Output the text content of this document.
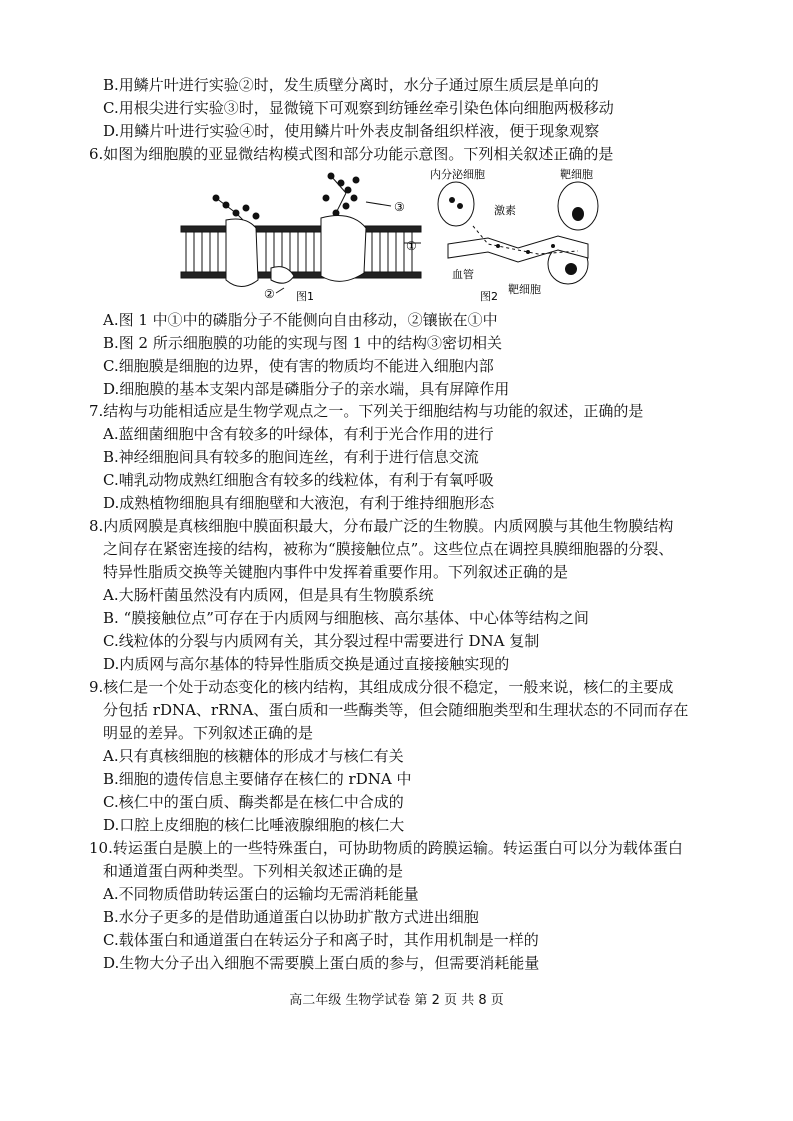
B.用鳞片叶进行实验②时，发生质壁分离时，水分子通过原生质层是单向的
C.用根尖进行实验③时，显微镜下可观察到纺锤丝牵引染色体向细胞两极移动
D.用鳞片叶进行实验④时，使用鳞片叶外表皮制备组织样液，便于现象观察
6.如图为细胞膜的亚显微结构模式图和部分功能示意图。下列相关叙述正确的是
③
①
② 图1
内分泌细胞
激素
靶细胞
血管
靶细胞
图2
A.图 1 中①中的磷脂分子不能侧向自由移动，②镶嵌在①中
B.图 2 所示细胞膜的功能的实现与图 1 中的结构③密切相关
C.细胞膜是细胞的边界，使有害的物质均不能进入细胞内部
D.细胞膜的基本支架内部是磷脂分子的亲水端，具有屏障作用
7.结构与功能相适应是生物学观点之一。下列关于细胞结构与功能的叙述，正确的是
A.蓝细菌细胞中含有较多的叶绿体，有利于光合作用的进行
B.神经细胞间具有较多的胞间连丝，有利于进行信息交流
C.哺乳动物成熟红细胞含有较多的线粒体，有利于有氧呼吸
D.成熟植物细胞具有细胞壁和大液泡，有利于维持细胞形态
8.内质网膜是真核细胞中膜面积最大，分布最广泛的生物膜。内质网膜与其他生物膜结构
之间存在紧密连接的结构，被称为“膜接触位点”。这些位点在调控具膜细胞器的分裂、
特异性脂质交换等关键胞内事件中发挥着重要作用。下列叙述正确的是
A.大肠杆菌虽然没有内质网，但是具有生物膜系统
B. “膜接触位点”可存在于内质网与细胞核、高尔基体、中心体等结构之间
C.线粒体的分裂与内质网有关，其分裂过程中需要进行 DNA 复制
D.内质网与高尔基体的特异性脂质交换是通过直接接触实现的
9.核仁是一个处于动态变化的核内结构，其组成成分很不稳定，一般来说，核仁的主要成
分包括 rDNA、rRNA、蛋白质和一些酶类等，但会随细胞类型和生理状态的不同而存在
明显的差异。下列叙述正确的是
A.只有真核细胞的核糖体的形成才与核仁有关
B.细胞的遗传信息主要储存在核仁的 rDNA 中
C.核仁中的蛋白质、酶类都是在核仁中合成的
D.口腔上皮细胞的核仁比唾液腺细胞的核仁大
10.转运蛋白是膜上的一些特殊蛋白，可协助物质的跨膜运输。转运蛋白可以分为载体蛋白
和通道蛋白两种类型。下列相关叙述正确的是
A.不同物质借助转运蛋白的运输均无需消耗能量
B.水分子更多的是借助通道蛋白以协助扩散方式进出细胞
C.载体蛋白和通道蛋白在转运分子和离子时，其作用机制是一样的
D.生物大分子出入细胞不需要膜上蛋白质的参与，但需要消耗能量
高二年级 生物学试卷 第 2 页 共 8 页
